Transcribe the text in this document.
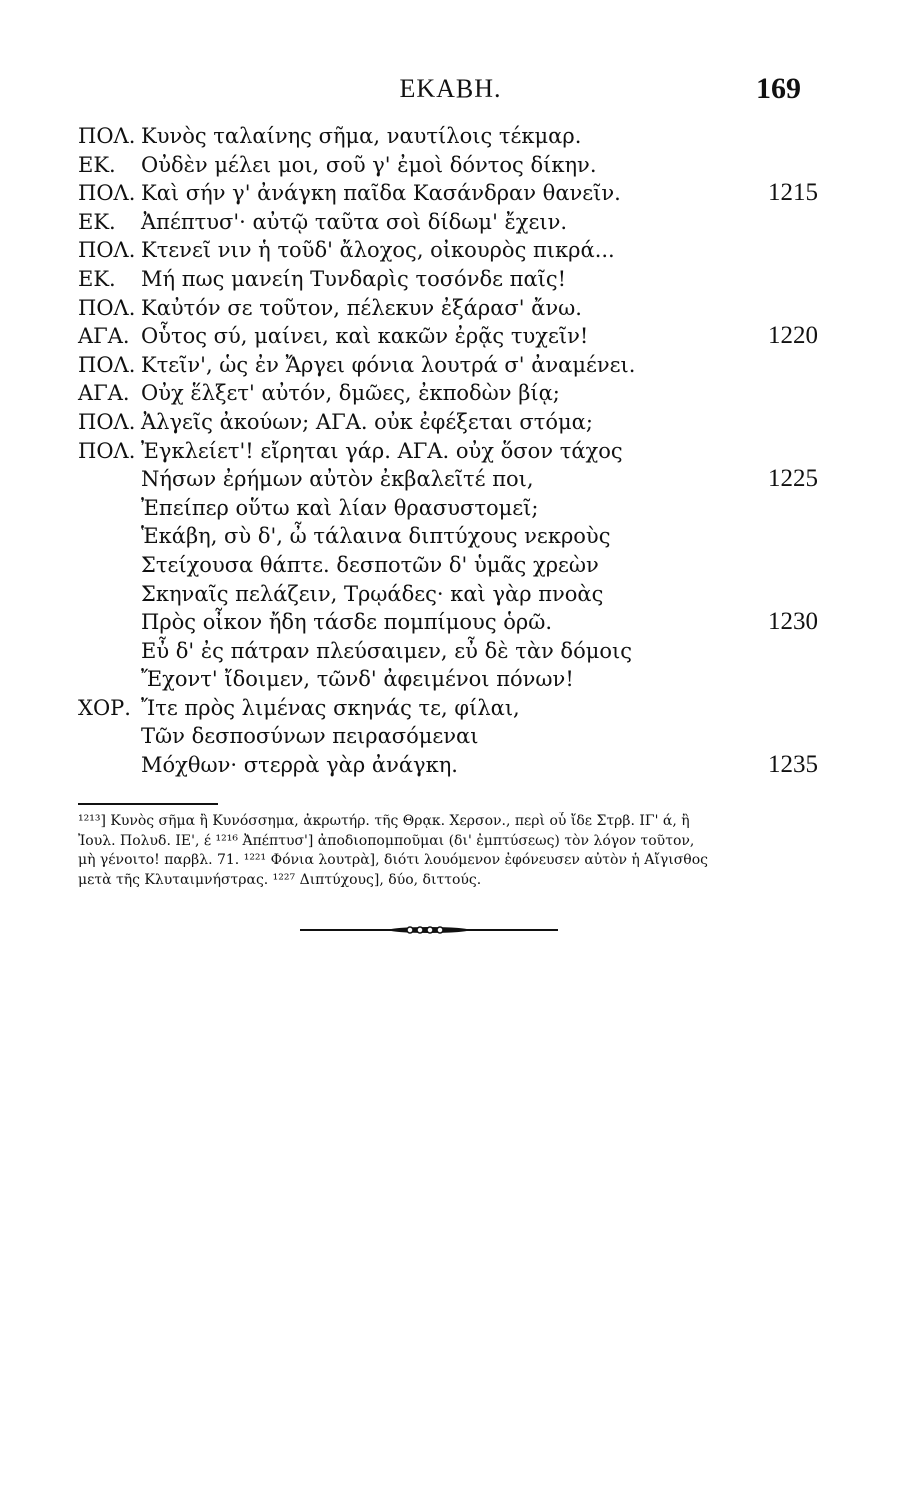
ΕΚΑΒΗ.	169
ΠΟΛ. Κυνὸς ταλαίνης σῆμα, ναυτίλοις τέκμαρ.
ΕΚ. Οὐδὲν μέλει μοι, σοῦ γ' ἐμοὶ δόντος δίκην.
ΠΟΛ. Καὶ σήν γ' ἀνάγκη παῖδα Κασάνδραν θανεῖν.	1215
ΕΚ. Ἀπέπτυσ'· αὐτῷ ταῦτα σοὶ δίδωμ' ἔχειν.
ΠΟΛ. Κτενεῖ νιν ἡ τοῦδ' ἄλοχος, οἰκουρὸς πικρά...
ΕΚ. Μή πως μανείη Τυνδαρὶς τοσόνδε παῖς!
ΠΟΛ. Καὐτόν σε τοῦτον, πέλεκυν ἐξάρασ' ἄνω.
ΑΓΑ. Οὗτος σύ, μαίνει, καὶ κακῶν ἐρᾷς τυχεῖν!	1220
ΠΟΛ. Κτεῖν', ὡς ἐν Ἄργει φόνια λουτρά σ' ἀναμένει.
ΑΓΑ. Οὐχ ἕλξετ' αὐτόν, δμῶες, ἐκποδὼν βίᾳ;
ΠΟΛ. Ἀλγεῖς ἀκούων; ΑΓΑ. οὐκ ἐφέξεται στόμα;
ΠΟΛ. Ἐγκλείετ'! εἴρηται γάρ. ΑΓΑ. οὐχ ὅσον τάχος
Νήσων ἐρήμων αὐτὸν ἐκβαλεῖτέ ποι,	1225
Ἐπείπερ οὕτω καὶ λίαν θρασυστομεῖ;
Ἑκάβη, σὺ δ', ὦ τάλαινα διπτύχους νεκροὺς
Στείχουσα θάπτε. δεσποτῶν δ' ὑμᾶς χρεὼν
Σκηναῖς πελάζειν, Τρῳάδες· καὶ γὰρ πνοὰς
Πρὸς οἶκον ἤδη τάσδε πομπίμους ὁρῶ.	1230
Εὖ δ' ἐς πάτραν πλεύσαιμεν, εὖ δὲ τὰν δόμοις
Ἔχοντ' ἴδοιμεν, τῶνδ' ἀφειμένοι πόνων!
ΧΟΡ. Ἴτε πρὸς λιμένας σκηνάς τε, φίλαι,
Τῶν δεσποσύνων πειρασόμεναι
Μόχθων· στερρὰ γὰρ ἀνάγκη.	1235

¹²¹³] Κυνὸς σῆμα ἢ Κυνόσσημα, ἀκρωτήρ. τῆς Θρᾳκ. Χερσον., περὶ οὗ ἴδε Στρβ. ΙΓ' ά, ἢ

Ἰουλ. Πολυδ. ΙΕ', έ ¹²¹⁶ Ἀπέπτυσ'] ἀποδιοπομποῦμαι (δι' ἐμπτύσεως) τὸν λόγον τοῦτον,

μὴ γένοιτο! παρβλ. 71. ¹²²¹ Φόνια λουτρὰ], διότι λουόμενον ἐφόνευσεν αὐτὸν ἡ Αἴγισθος

μετὰ τῆς Κλυταιμνήστρας. ¹²²⁷ Διπτύχους], δύο, διττούς.
